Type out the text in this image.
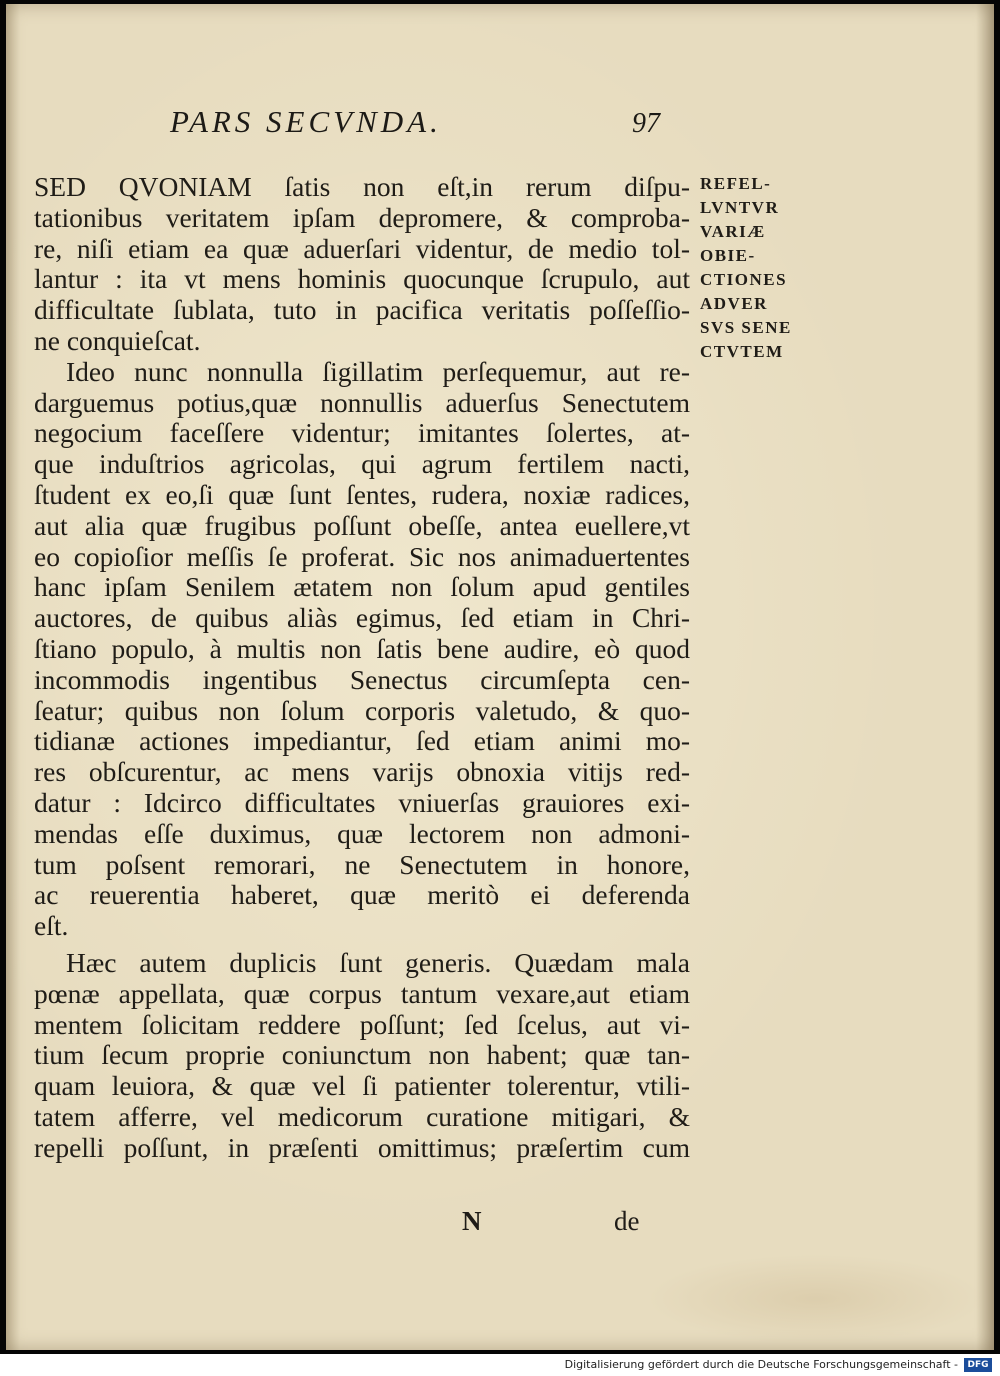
PARS SECVNDA.	97
REFEL-
LVNTVR
VARIÆ
OBIE-
CTIONES
ADVER
SVS SENE
CTVTEM
SED QVONIAM ſatis non eſt,in rerum diſpu-
tationibus veritatem ipſam depromere, & comproba-
re, niſi etiam ea quæ aduerſari videntur, de medio tol-
lantur : ita vt mens hominis quocunque ſcrupulo, aut
difficultate ſublata, tuto in pacifica veritatis poſſeſſio-
ne conquieſcat.
Ideo nunc nonnulla ſigillatim perſequemur, aut re-
darguemus potius,quæ nonnullis aduerſus Senectutem
negocium faceſſere videntur; imitantes ſolertes, at-
que induſtrios agricolas, qui agrum fertilem nacti,
ſtudent ex eo,ſi quæ ſunt ſentes, rudera, noxiæ radices,
aut alia quæ frugibus poſſunt obeſſe, antea euellere,vt
eo copioſior meſſis ſe proferat. Sic nos animaduertentes
hanc ipſam Senilem ætatem non ſolum apud gentiles
auctores, de quibus aliàs egimus, ſed etiam in Chri-
ſtiano populo, à multis non ſatis bene audire, eò quod
incommodis ingentibus Senectus circumſepta cen-
ſeatur; quibus non ſolum corporis valetudo, & quo-
tidianæ actiones impediantur, ſed etiam animi mo-
res obſcurentur, ac mens varijs obnoxia vitijs red-
datur : Idcirco difficultates vniuerſas grauiores exi-
mendas eſſe duximus, quæ lectorem non admoni-
tum poſsent remorari, ne Senectutem in honore,
ac reuerentia haberet, quæ meritò ei deferenda
eſt.
Hæc autem duplicis ſunt generis. Quædam mala
pœnæ appellata, quæ corpus tantum vexare,aut etiam
mentem ſolicitam reddere poſſunt; ſed ſcelus, aut vi-
tium ſecum proprie coniunctum non habent; quæ tan-
quam leuiora, & quæ vel ſi patienter tolerentur, vtili-
tatem afferre, vel medicorum curatione mitigari, &
repelli poſſunt, in præſenti omittimus; præſertim cum
N	de
Digitalisierung gefördert durch die Deutsche Forschungsgemeinschaft -	DFG
